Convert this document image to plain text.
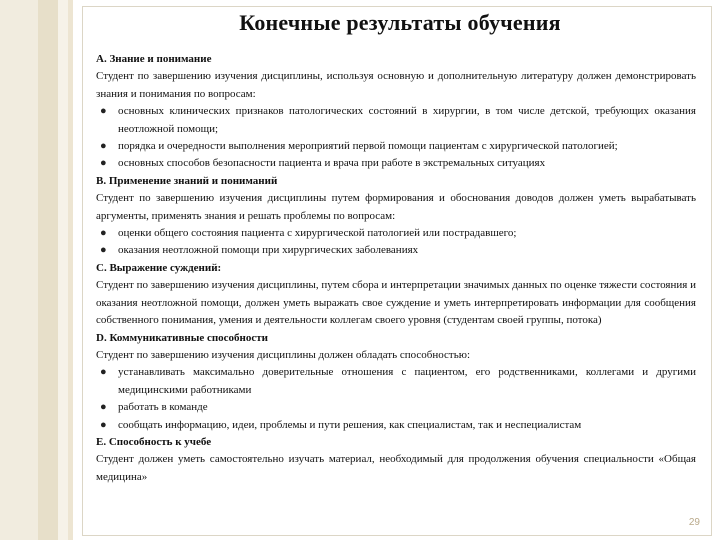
Конечные результаты обучения

А. Знание и понимание

Студент по завершению изучения дисциплины, используя основную и дополнительную литературу должен демонстрировать знания и понимания по вопросам:

● основных клинических признаков патологических состояний в хирургии, в том числе детской, требующих оказания неотложной помощи;
● порядка и очередности выполнения мероприятий первой помощи пациентам с хирургической патологией;
● основных способов безопасности пациента и врача при работе в экстремальных ситуациях

В. Применение знаний и пониманий

Студент по завершению изучения дисциплины путем формирования и обоснования доводов должен уметь вырабатывать аргументы, применять знания и решать проблемы по вопросам:

● оценки общего состояния пациента с хирургической патологией или пострадавшего;
● оказания неотложной помощи при хирургических заболеваниях

С. Выражение суждений:

Студент по завершению изучения дисциплины, путем сбора и интерпретации значимых данных по оценке тяжести состояния и оказания неотложной помощи, должен уметь выражать свое суждение и уметь интерпретировать информации для сообщения собственного понимания, умения и деятельности коллегам своего уровня (студентам своей группы, потока)

D. Коммуникативные способности

Студент по завершению изучения дисциплины должен обладать способностью:

● устанавливать максимально доверительные отношения с пациентом, его родственниками, коллегами и другими медицинскими работниками
● работать в команде
● сообщать информацию, идеи, проблемы и пути решения, как специалистам, так и неспециалистам

Е. Способность к учебе

Студент должен уметь самостоятельно изучать материал, необходимый для продолжения обучения специальности «Общая медицина»

29
